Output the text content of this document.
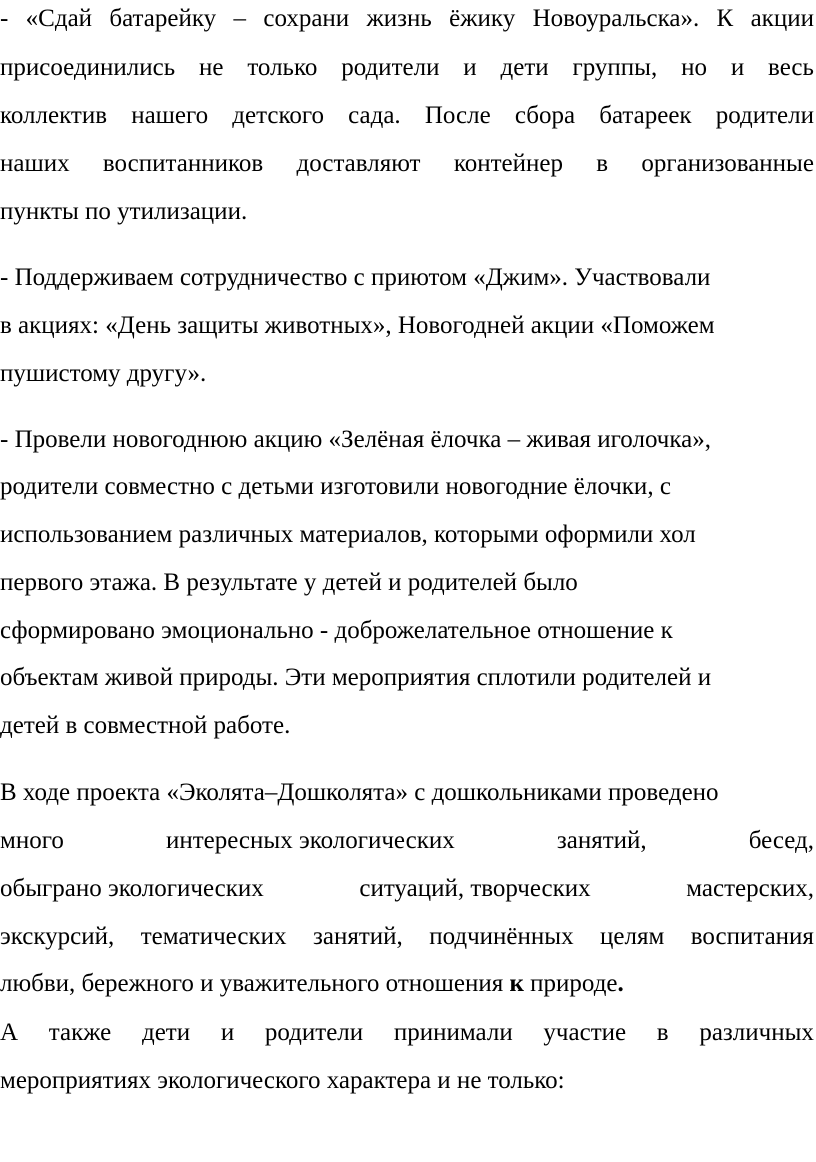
- «Сдай батарейку – сохрани жизнь ёжику Новоуральска». К акции
присоединились не только родители и дети группы, но и весь
коллектив нашего детского сада. После сбора батареек родители
наших воспитанников доставляют контейнер в организованные
пункты по утилизации.
- Поддерживаем сотрудничество с приютом «Джим». Участвовали
в акциях: «День защиты животных», Новогодней акции «Поможем
пушистому другу».
- Провели новогоднюю акцию «Зелёная ёлочка – живая иголочка»,
родители совместно с детьми изготовили новогодние ёлочки, с
использованием различных материалов, которыми оформили хол
первого этажа. В результате у детей и родителей было
сформировано эмоционально - доброжелательное отношение к
объектам живой природы. Эти мероприятия сплотили родителей и
детей в совместной работе.
В ходе проекта «Эколята–Дошколята» с дошкольниками проведено
много	интересных экологических	занятий,	бесед,
обыграно экологических	ситуаций, творческих	мастерских,
экскурсий, тематических занятий, подчинённых целям воспитания
любви, бережного и уважительного отношения к природе.
А также дети и родители принимали участие в различных
мероприятиях экологического характера и не только:
